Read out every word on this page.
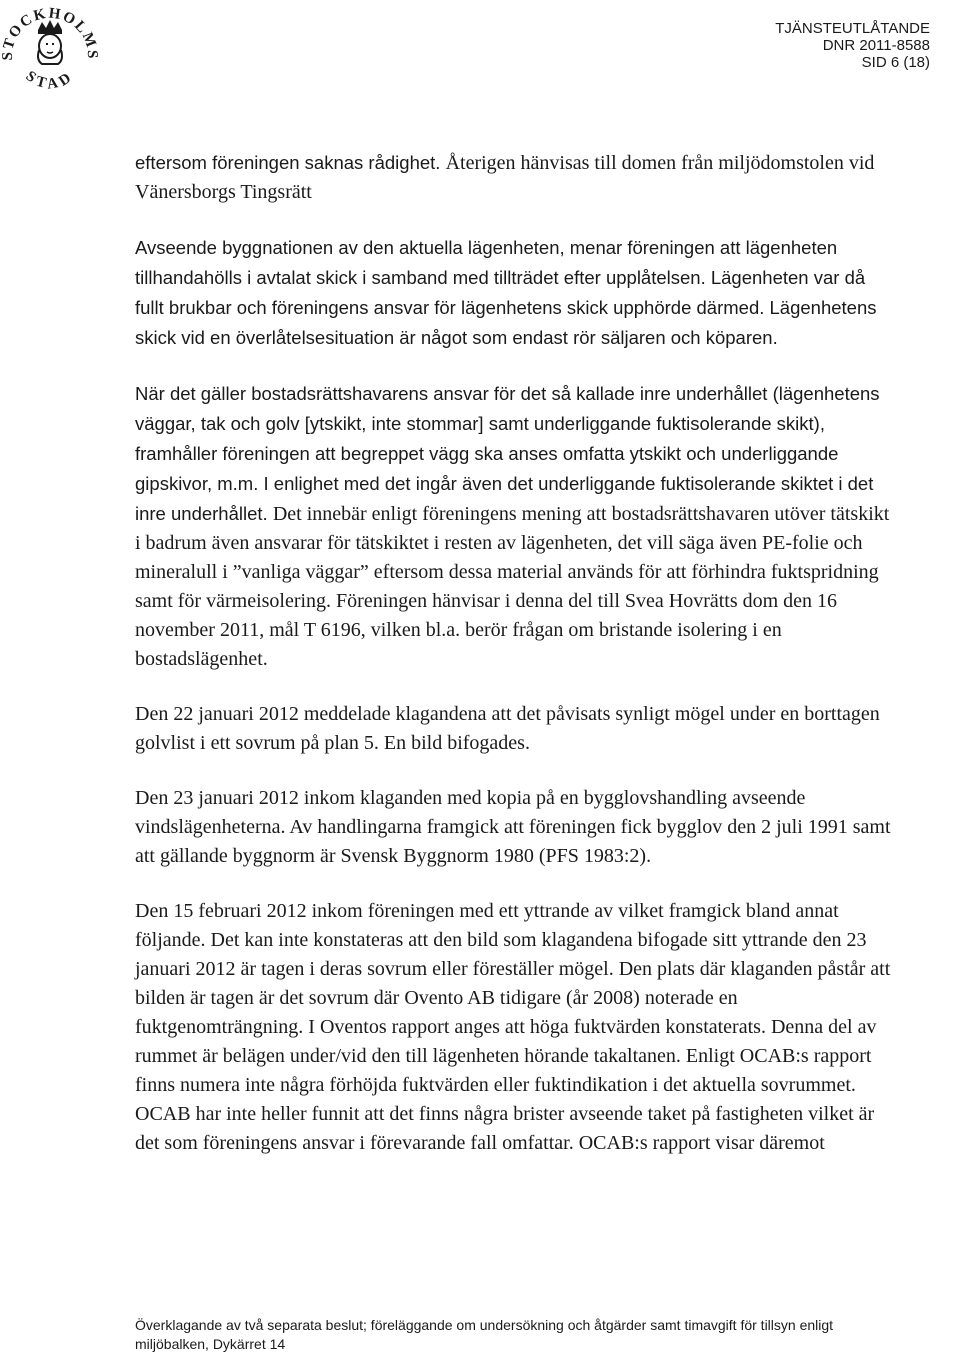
STOCKHOLMS
STAD
TJÄNSTEUTLÅTANDE
DNR 2011-8588
SID 6 (18)

eftersom föreningen saknas rådighet. Återigen hänvisas till domen från miljödomstolen vid Vänersborgs Tingsrätt

Avseende byggnationen av den aktuella lägenheten, menar föreningen att lägenheten tillhandahölls i avtalat skick i samband med tillträdet efter upplåtelsen. Lägenheten var då fullt brukbar och föreningens ansvar för lägenhetens skick upphörde därmed. Lägenhetens skick vid en överlåtelsesituation är något som endast rör säljaren och köparen.

När det gäller bostadsrättshavarens ansvar för det så kallade inre underhållet (lägenhetens väggar, tak och golv [ytskikt, inte stommar] samt underliggande fuktisolerande skikt), framhåller föreningen att begreppet vägg ska anses omfatta ytskikt och underliggande gipskivor, m.m. I enlighet med det ingår även det underliggande fuktisolerande skiktet i det inre underhållet. Det innebär enligt föreningens mening att bostadsrättshavaren utöver tätskikt i badrum även ansvarar för tätskiktet i resten av lägenheten, det vill säga även PE-folie och mineralull i ”vanliga väggar” eftersom dessa material används för att förhindra fuktspridning samt för värmeisolering. Föreningen hänvisar i denna del till Svea Hovrätts dom den 16 november 2011, mål T 6196, vilken bl.a. berör frågan om bristande isolering i en bostadslägenhet.

Den 22 januari 2012 meddelade klagandena att det påvisats synligt mögel under en borttagen golvlist i ett sovrum på plan 5. En bild bifogades.

Den 23 januari 2012 inkom klaganden med kopia på en bygglovshandling avseende vindslägenheterna. Av handlingarna framgick att föreningen fick bygglov den 2 juli 1991 samt att gällande byggnorm är Svensk Byggnorm 1980 (PFS 1983:2).

Den 15 februari 2012 inkom föreningen med ett yttrande av vilket framgick bland annat följande. Det kan inte konstateras att den bild som klagandena bifogade sitt yttrande den 23 januari 2012 är tagen i deras sovrum eller föreställer mögel. Den plats där klaganden påstår att bilden är tagen är det sovrum där Ovento AB tidigare (år 2008) noterade en fuktgenomträngning. I Oventos rapport anges att höga fuktvärden konstaterats. Denna del av rummet är belägen under/vid den till lägenheten hörande takaltanen. Enligt OCAB:s rapport finns numera inte några förhöjda fuktvärden eller fuktindikation i det aktuella sovrummet. OCAB har inte heller funnit att det finns några brister avseende taket på fastigheten vilket är det som föreningens ansvar i förevarande fall omfattar. OCAB:s rapport visar däremot

Överklagande av två separata beslut; föreläggande om undersökning och åtgärder samt timavgift för tillsyn enligt
miljöbalken, Dykärret 14
